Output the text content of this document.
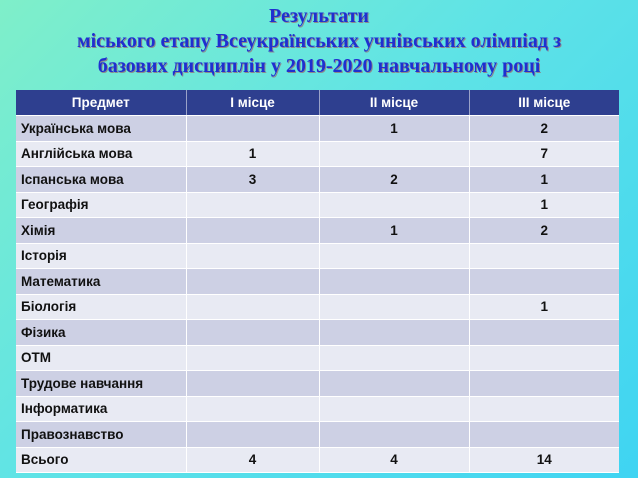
Результати
міського етапу Всеукраїнських учнівських олімпіад з
базових дисциплін у 2019-2020 навчальному році
Предмет	І місце	ІІ місце	ІІІ місце
Українська мова		1	2
Англійська мова	1		7
Іспанська мова	3	2	1
Географія			1
Хімія		1	2
Історія			
Математика			
Біологія			1
Фізика			
ОТМ			
Трудове навчання			
Інформатика			
Правознавство			
Всього	4	4	14
